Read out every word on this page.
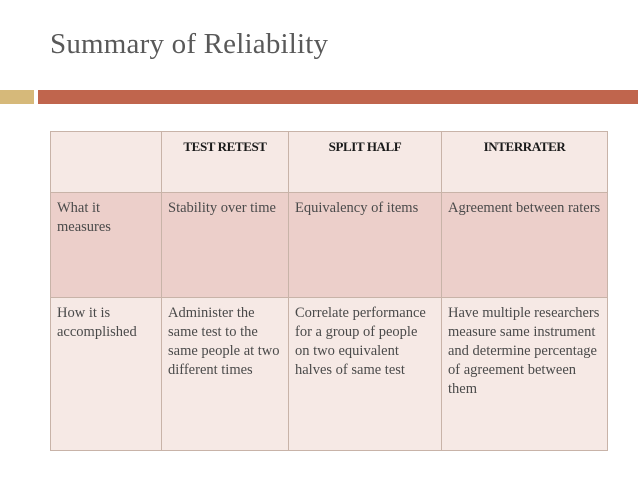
Summary of Reliability
	TEST RETEST	SPLIT HALF	INTERRATER
What it measures	Stability over time	Equivalency of items	Agreement between raters
How it is accomplished	Administer the same test to the same people at two different times	Correlate performance for a group of people on two equivalent halves of same test	Have multiple researchers measure same instrument and determine percentage of agreement between them
